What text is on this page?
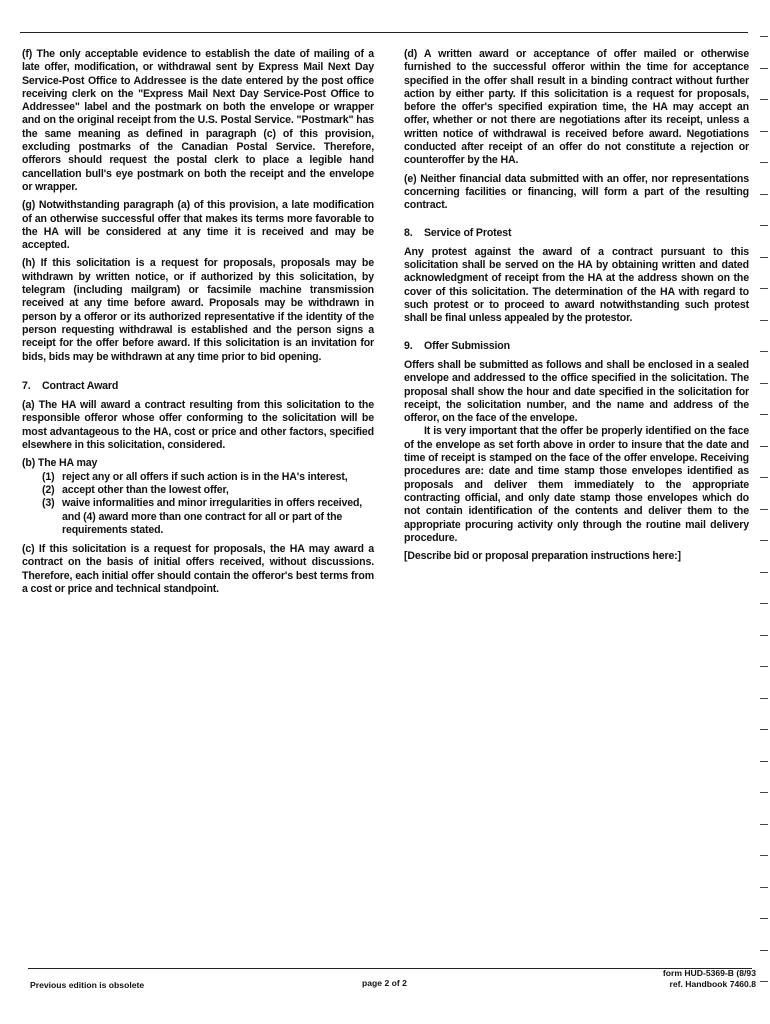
(f) The only acceptable evidence to establish the date of mailing of a late offer, modification, or withdrawal sent by Express Mail Next Day Service-Post Office to Addressee is the date entered by the post office receiving clerk on the "Express Mail Next Day Service-Post Office to Addressee" label and the postmark on both the envelope or wrapper and on the original receipt from the U.S. Postal Service. "Postmark" has the same meaning as defined in paragraph (c) of this provision, excluding postmarks of the Canadian Postal Service. Therefore, offerors should request the postal clerk to place a legible hand cancellation bull's eye postmark on both the receipt and the envelope or wrapper.

(g) Notwithstanding paragraph (a) of this provision, a late modification of an otherwise successful offer that makes its terms more favorable to the HA will be considered at any time it is received and may be accepted.

(h) If this solicitation is a request for proposals, proposals may be withdrawn by written notice, or if authorized by this solicitation, by telegram (including mailgram) or facsimile machine transmission received at any time before award. Proposals may be withdrawn in person by a offeror or its authorized representative if the identity of the person requesting withdrawal is established and the person signs a receipt for the offer before award. If this solicitation is an invitation for bids, bids may be withdrawn at any time prior to bid opening.

7. Contract Award

(a) The HA will award a contract resulting from this solicitation to the responsible offeror whose offer conforming to the solicitation will be most advantageous to the HA, cost or price and other factors, specified elsewhere in this solicitation, considered.

(b) The HA may

(1) reject any or all offers if such action is in the HA's interest,
(2) accept other than the lowest offer,
(3) waive informalities and minor irregularities in offers received, and (4) award more than one contract for all or part of the requirements stated.

(c) If this solicitation is a request for proposals, the HA may award a contract on the basis of initial offers received, without discussions. Therefore, each initial offer should contain the offeror's best terms from a cost or price and technical standpoint.

(d) A written award or acceptance of offer mailed or otherwise furnished to the successful offeror within the time for acceptance specified in the offer shall result in a binding contract without further action by either party. If this solicitation is a request for proposals, before the offer's specified expiration time, the HA may accept an offer, whether or not there are negotiations after its receipt, unless a written notice of withdrawal is received before award. Negotiations conducted after receipt of an offer do not constitute a rejection or counteroffer by the HA.

(e) Neither financial data submitted with an offer, nor representations concerning facilities or financing, will form a part of the resulting contract.

8. Service of Protest

Any protest against the award of a contract pursuant to this solicitation shall be served on the HA by obtaining written and dated acknowledgment of receipt from the HA at the address shown on the cover of this solicitation. The determination of the HA with regard to such protest or to proceed to award notwithstanding such protest shall be final unless appealed by the protestor.

9. Offer Submission

Offers shall be submitted as follows and shall be enclosed in a sealed envelope and addressed to the office specified in the solicitation. The proposal shall show the hour and date specified in the solicitation for receipt, the solicitation number, and the name and address of the offeror, on the face of the envelope.

It is very important that the offer be properly identified on the face of the envelope as set forth above in order to insure that the date and time of receipt is stamped on the face of the offer envelope. Receiving procedures are: date and time stamp those envelopes identified as proposals and deliver them immediately to the appropriate contracting official, and only date stamp those envelopes which do not contain identification of the contents and deliver them to the appropriate procuring activity only through the routine mail delivery procedure.

[Describe bid or proposal preparation instructions here:]

Previous edition is obsolete	page 2 of 2
form HUD-5369-B (8/93
ref. Handbook 7460.8
